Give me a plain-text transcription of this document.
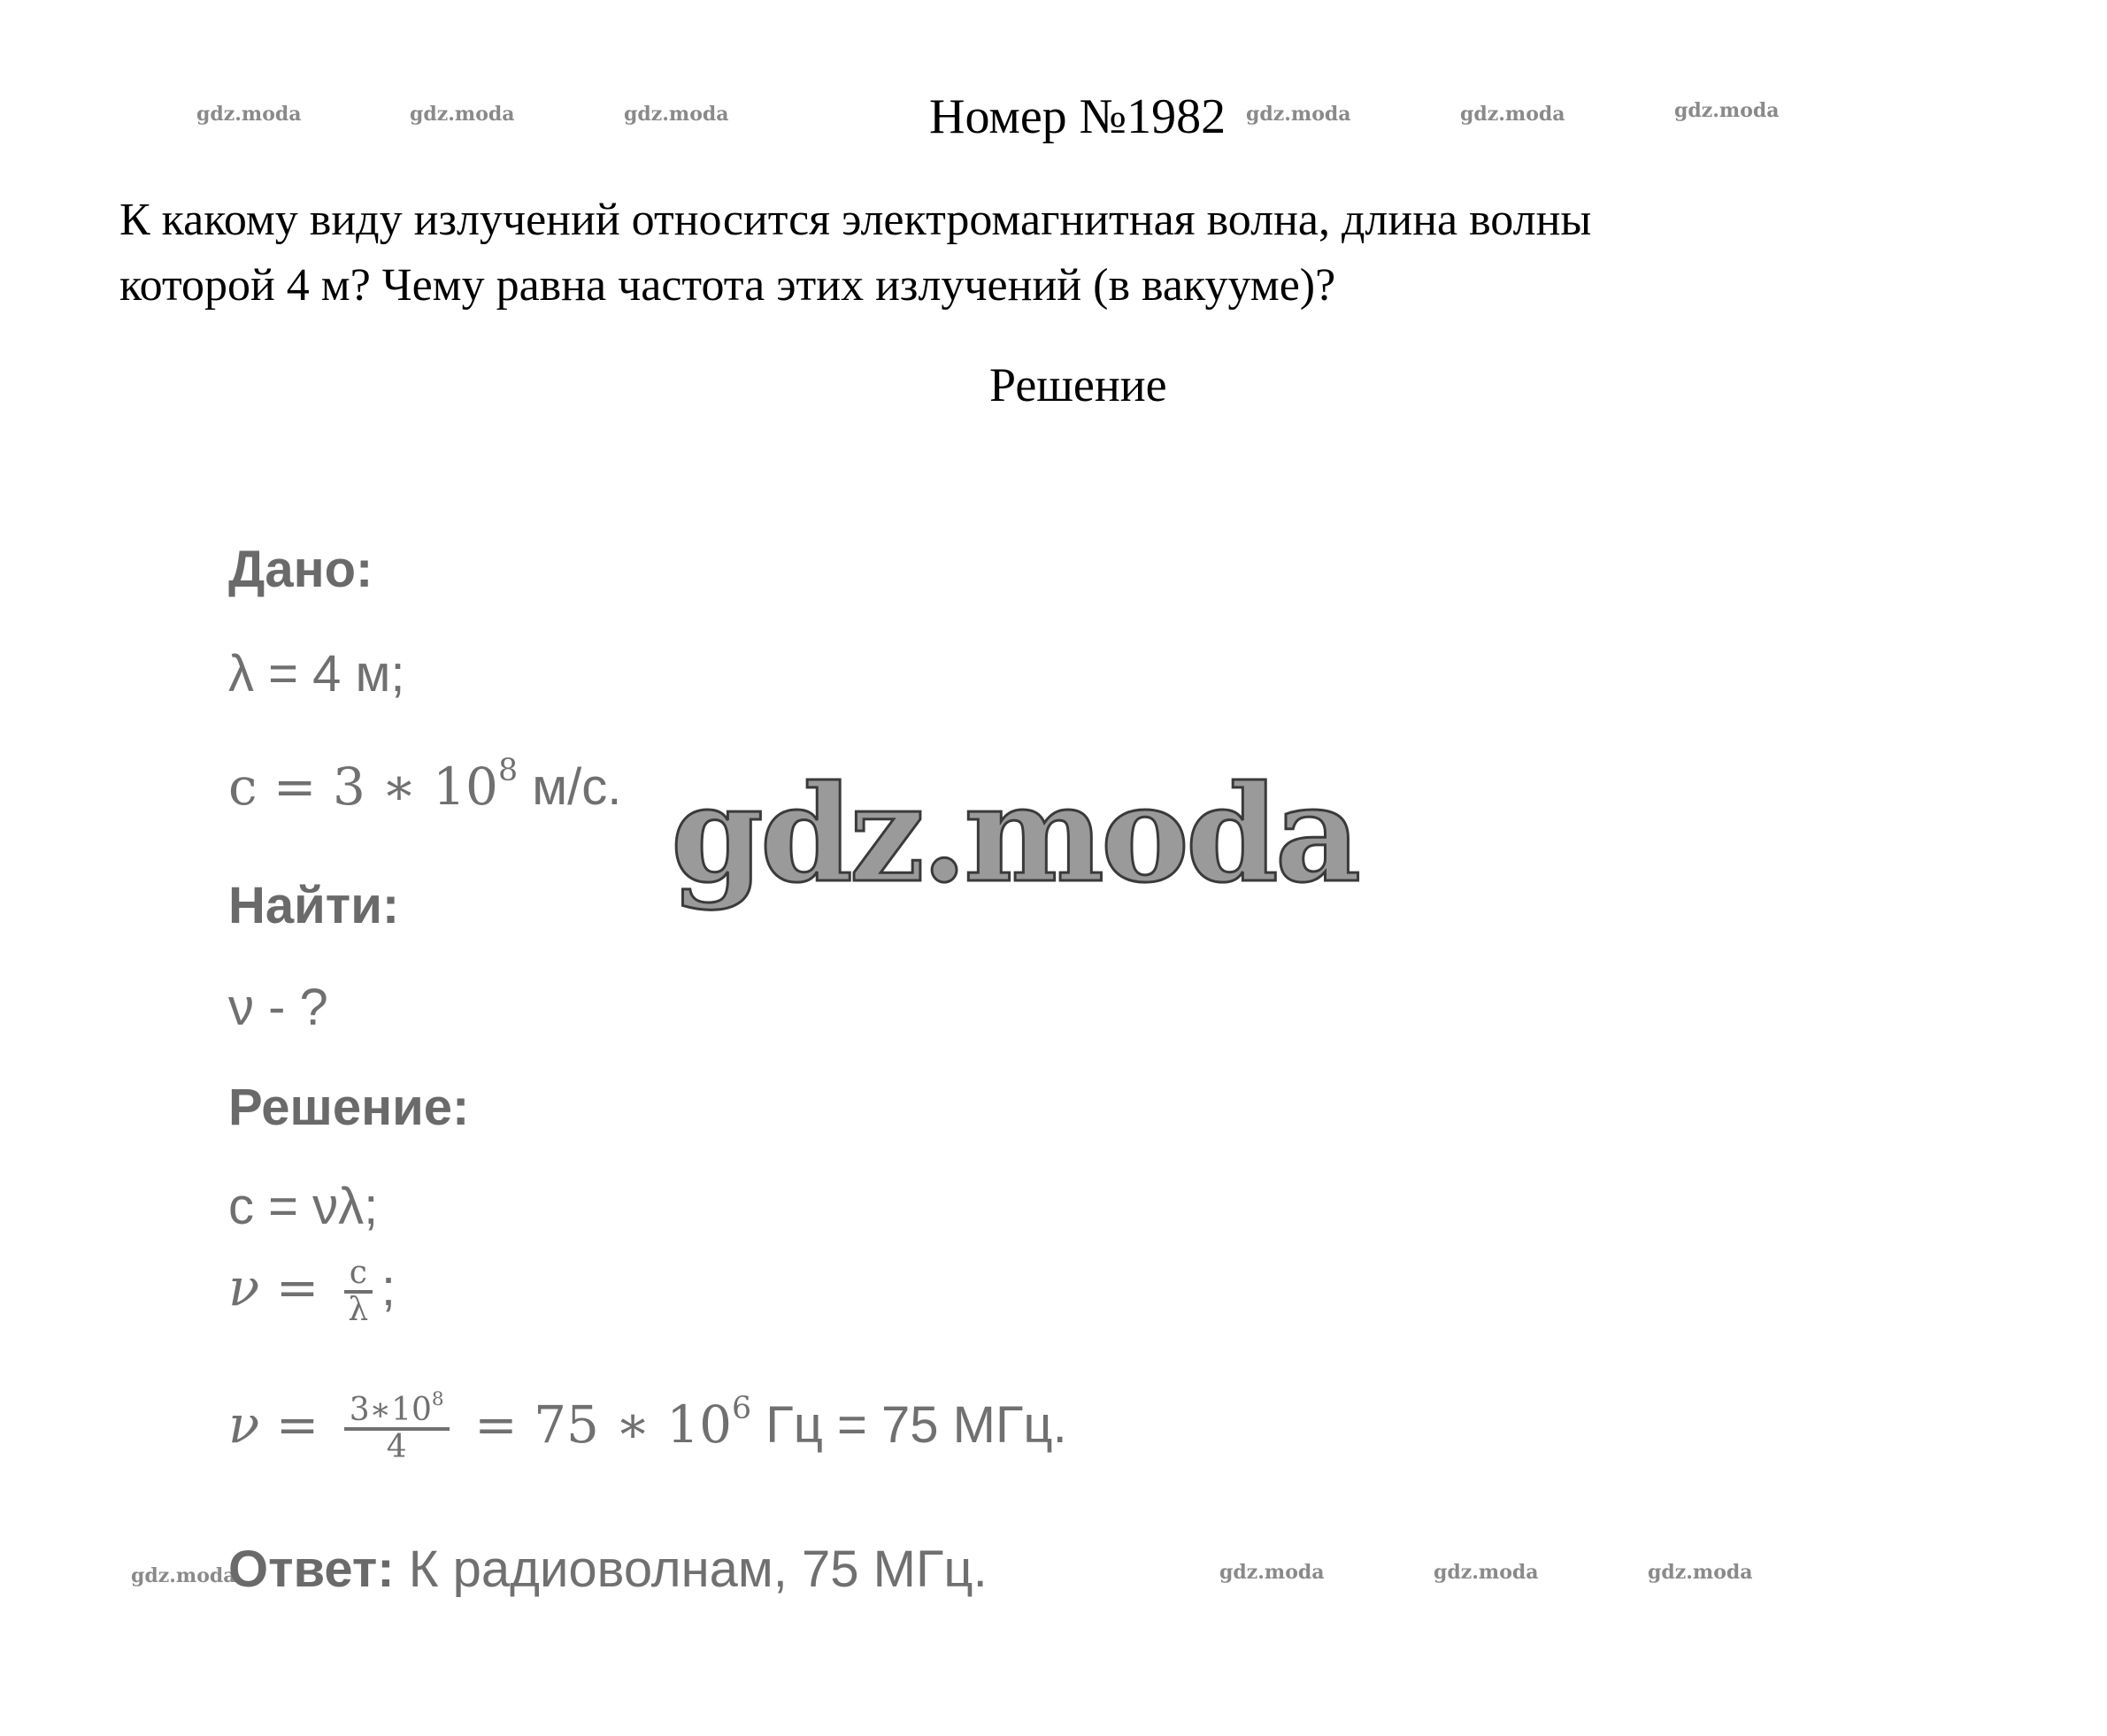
gdz.moda	gdz.moda	gdz.moda	gdz.moda	gdz.moda	gdz.moda
gdz.moda	gdz.moda	gdz.moda	gdz.moda
Номер №1982
К какому виду излучений относится электромагнитная волна, длина волны
которой 4 м? Чему равна частота этих излучений (в вакууме)?
Решение
Дано:
λ = 4 м;
c = 3 ∗ $10^8$ м/с.
Найти:
ν - ?
Решение:
c = νλ;
$\nu = \frac{c}{\lambda}$ ;
$\nu = \frac{3∗10^8}{4} = 75$ ∗ $10^6$ Гц = 75 МГц.
Ответ: К радиоволнам, 75 МГц.
gdz.moda
